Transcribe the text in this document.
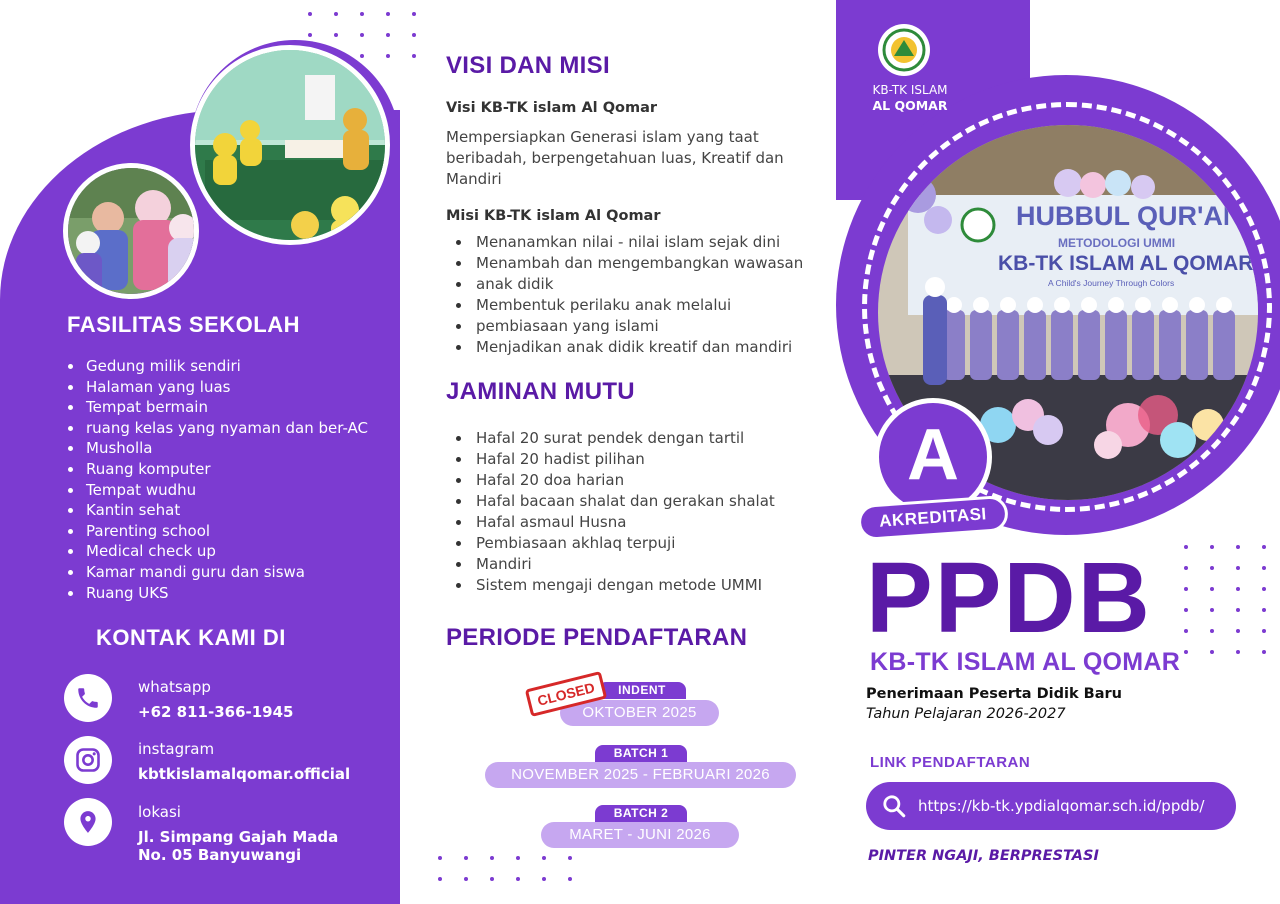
FASILITAS SEKOLAH
Gedung milik sendiri
Halaman yang luas
Tempat bermain
ruang kelas yang nyaman dan ber-AC
Musholla
Ruang komputer
Tempat wudhu
Kantin sehat
Parenting school
Medical check up
Kamar mandi guru dan siswa
Ruang UKS
KONTAK KAMI DI
whatsapp
+62 811-366-1945
instagram
kbtkislamalqomar.official
lokasi
Jl. Simpang Gajah Mada
No. 05 Banyuwangi
VISI DAN MISI
Visi KB-TK islam Al Qomar
Mempersiapkan Generasi islam yang taat beribadah, berpengetahuan luas, Kreatif dan Mandiri
Misi KB-TK islam Al Qomar
Menanamkan nilai - nilai islam sejak dini
Menambah dan mengembangkan wawasan
anak didik
Membentuk perilaku anak melalui
pembiasaan yang islami
Menjadikan anak didik kreatif dan mandiri
JAMINAN MUTU
Hafal 20 surat pendek dengan tartil
Hafal 20 hadist pilihan
Hafal 20 doa harian
Hafal bacaan shalat dan gerakan shalat
Hafal asmaul Husna
Pembiasaan akhlaq terpuji
Mandiri
Sistem mengaji dengan metode UMMI
PERIODE PENDAFTARAN
INDENT
OKTOBER 2025
CLOSED
BATCH 1
NOVEMBER 2025 - FEBRUARI 2026
BATCH 2
MARET - JUNI 2026
KB-TK ISLAM
AL QOMAR
HUBBUL QUR'AN
METODOLOGI UMMI
KB-TK ISLAM AL QOMAR
A Child's Journey Through Colors
A
AKREDITASI
PPDB
KB-TK ISLAM AL QOMAR
Penerimaan Peserta Didik Baru
Tahun Pelajaran 2026-2027
LINK PENDAFTARAN
https://kb-tk.ypdialqomar.sch.id/ppdb/
PINTER NGAJI, BERPRESTASI
